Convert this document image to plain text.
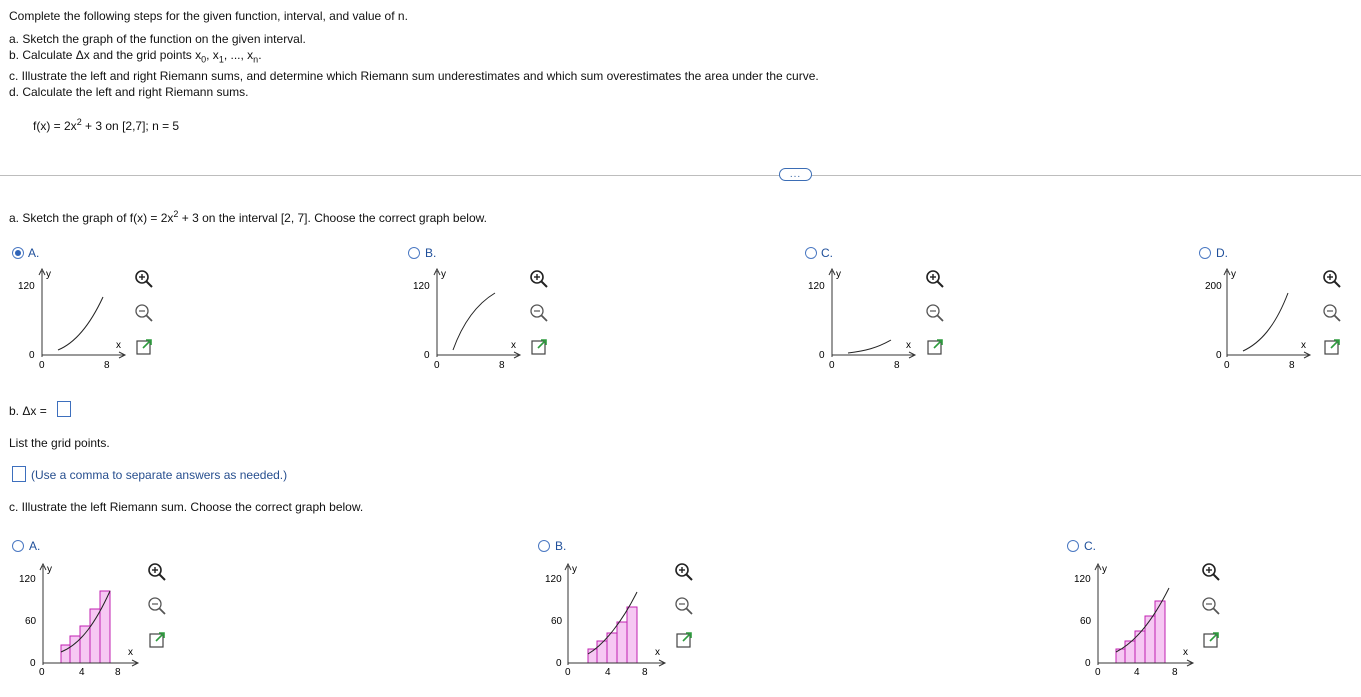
Complete the following steps for the given function, interval, and value of n.
a. Sketch the graph of the function on the given interval.
b. Calculate Δx and the grid points $x_0$, $x_1$, ..., $x_n$.
c. Illustrate the left and right Riemann sums, and determine which Riemann sum underestimates and which sum overestimates the area under the curve.
d. Calculate the left and right Riemann sums.
$f(x) = 2x^2 + 3$ on [2,7]; n = 5
...
a. Sketch the graph of $f(x) = 2x^2 + 3$ on the interval [2, 7]. Choose the correct graph below.
A.
y
x
120
0
0	8
B.
y
x
120
0
0	8
C.
y
x
120
0
0	8
D.
y
x
200
0
0	8
b. Δx =
List the grid points.
(Use a comma to separate answers as needed.)
c. Illustrate the left Riemann sum. Choose the correct graph below.
A.
y
x
120
60
0
0	4	8
B.
y
x
120
60
0
0	4	8
C.
y
x
120
60
0
0	4	8
